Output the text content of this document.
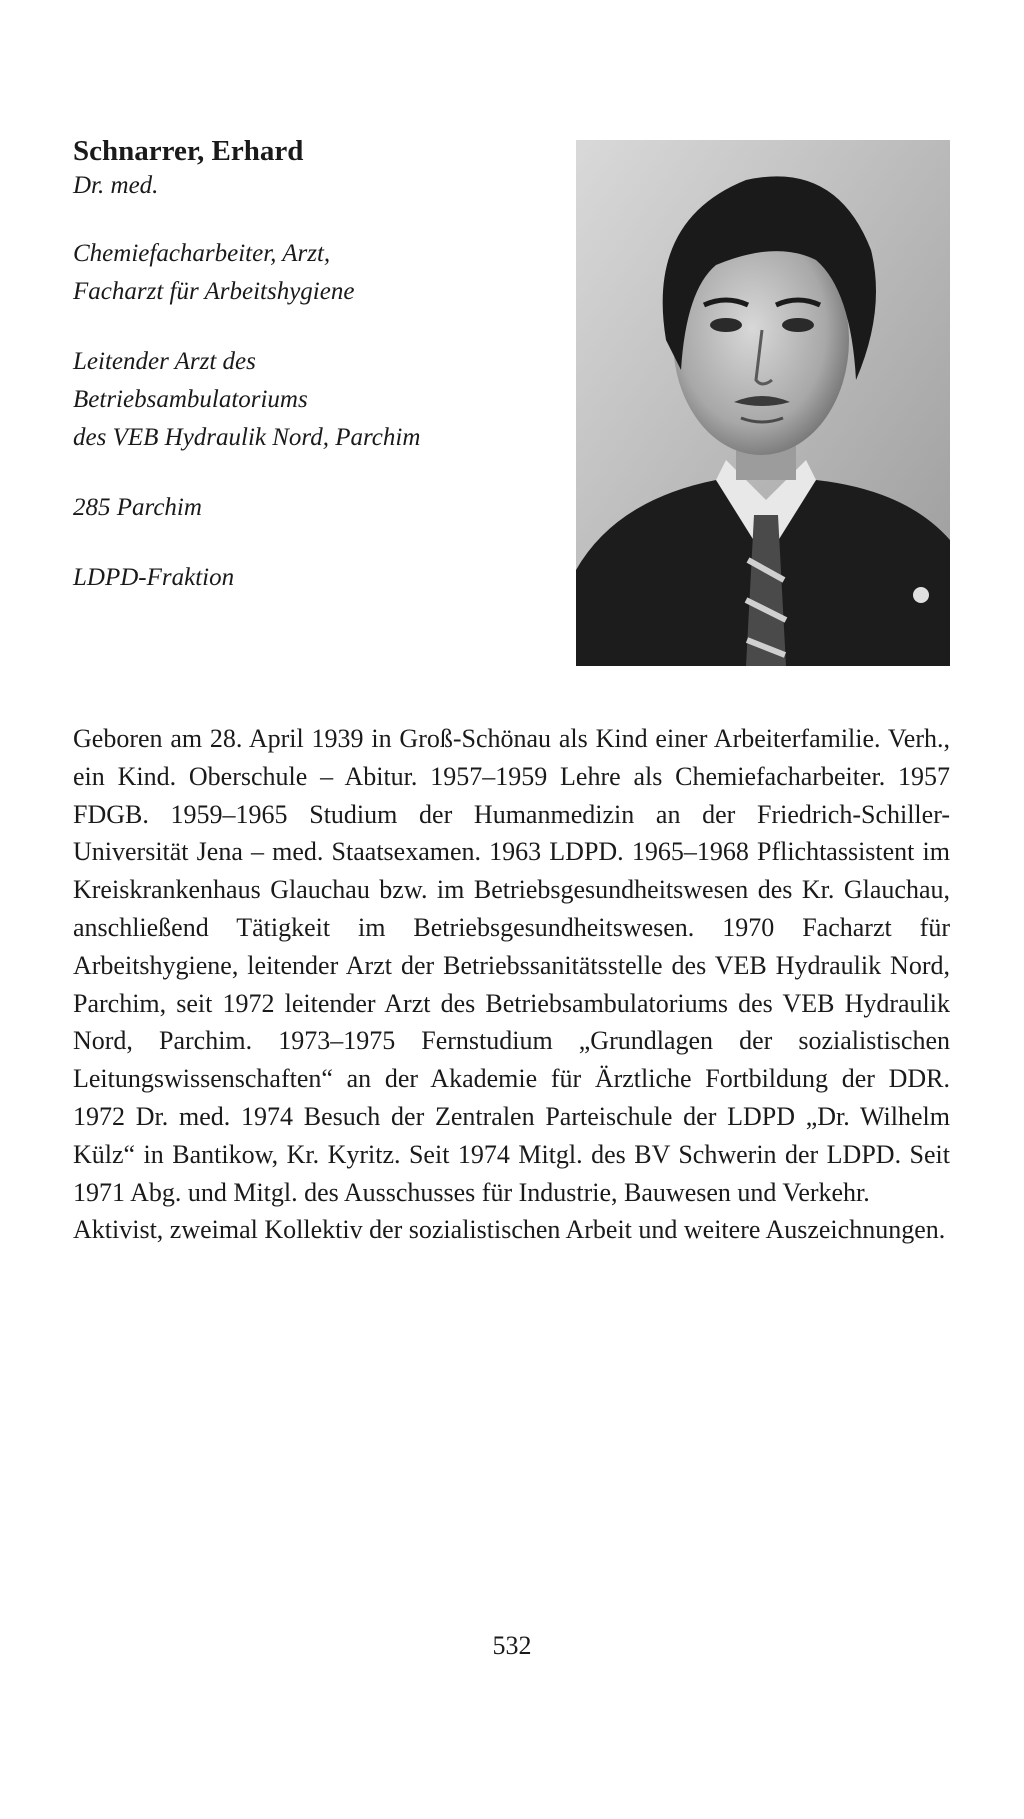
Schnarrer, Erhard

Dr. med.

Chemiefacharbeiter, Arzt,
Facharzt für Arbeitshygiene
Leitender Arzt des
Betriebsambulatoriums
des VEB Hydraulik Nord, Parchim
285 Parchim
LDPD-Fraktion

Geboren am 28. April 1939 in Groß-Schönau als Kind einer Arbeiterfamilie. Verh., ein Kind. Oberschule – Abitur. 1957–1959 Lehre als Chemiefacharbeiter. 1957 FDGB. 1959–1965 Studium der Humanmedizin an der Friedrich-Schiller-Universität Jena – med. Staatsexamen. 1963 LDPD. 1965–1968 Pflichtassistent im Kreiskrankenhaus Glauchau bzw. im Betriebsgesundheitswesen des Kr. Glauchau, anschließend Tätigkeit im Betriebsgesundheitswesen. 1970 Facharzt für Arbeitshygiene, leitender Arzt der Betriebssanitätsstelle des VEB Hydraulik Nord, Parchim, seit 1972 leitender Arzt des Betriebsambulatoriums des VEB Hydraulik Nord, Parchim. 1973–1975 Fernstudium „Grundlagen der sozialistischen Leitungswissenschaften“ an der Akademie für Ärztliche Fortbildung der DDR. 1972 Dr. med. 1974 Besuch der Zentralen Parteischule der LDPD „Dr. Wilhelm Külz“ in Bantikow, Kr. Kyritz. Seit 1974 Mitgl. des BV Schwerin der LDPD. Seit 1971 Abg. und Mitgl. des Ausschusses für Industrie, Bauwesen und Verkehr.

Aktivist, zweimal Kollektiv der sozialistischen Arbeit und weitere Auszeichnungen.

532
